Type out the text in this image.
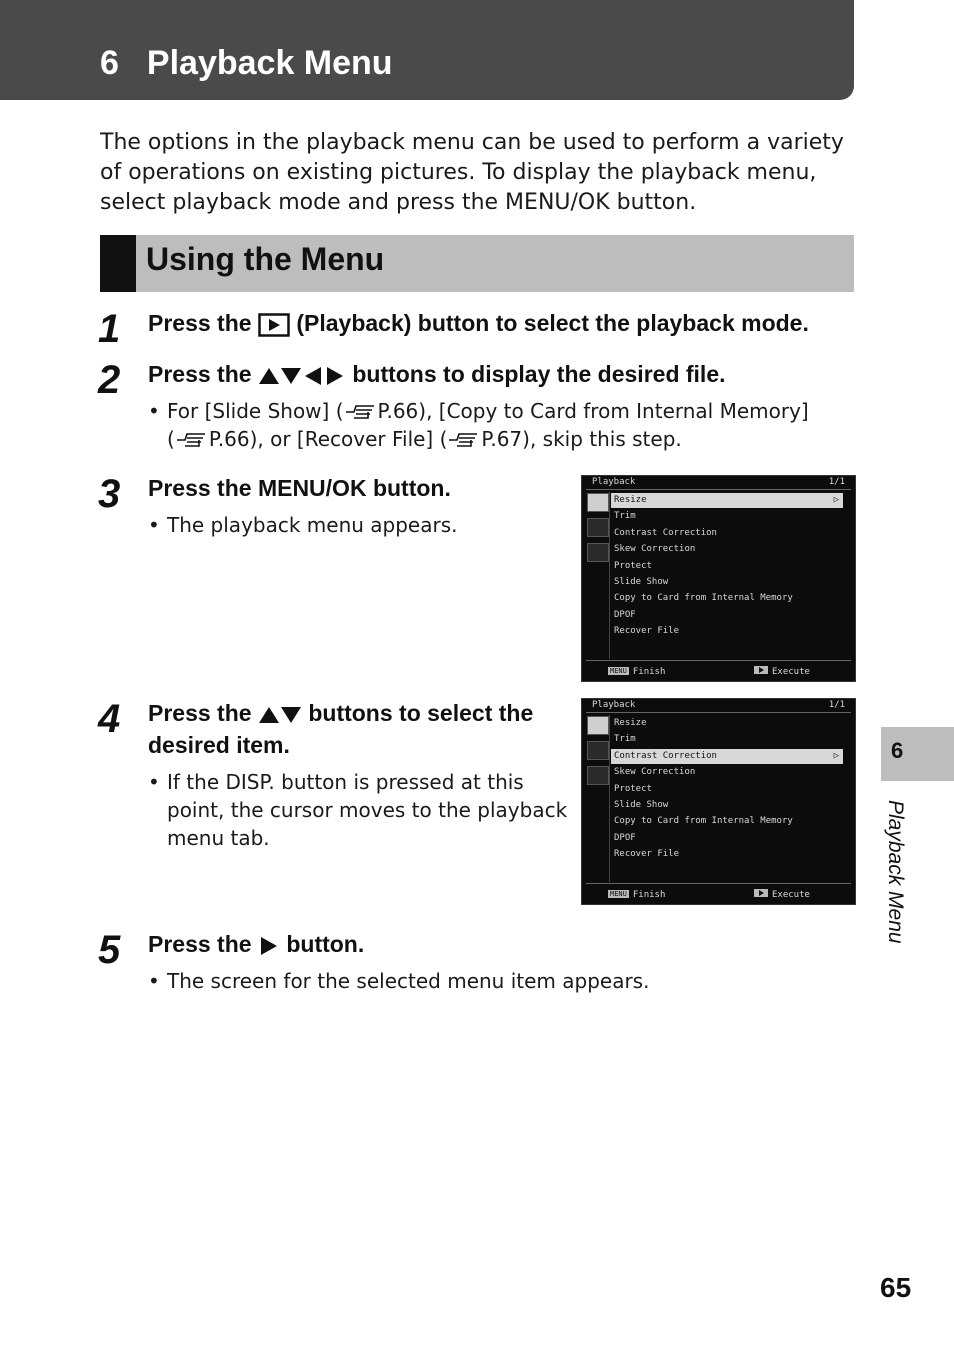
6 Playback Menu

The options in the playback menu can be used to perform a variety of operations on existing pictures. To display the playback menu, select playback mode and press the MENU/OK button.

Using the Menu
1 Press the  (Playback) button to select the playback mode.

2 Press the	buttons to display the desired file.

• For [Slide Show] ( P.66), [Copy to Card from Internal Memory]
( P.66), or [Recover File] ( P.67), skip this step.

3 Press the MENU/OK button.

• The playback menu appears.

Playback	1/1
Resize	▷
Trim
Contrast Correction
Skew Correction
Protect
Slide Show
Copy to Card from Internal Memory
DPOF
Recover File
MENU Finish	Execute
4 Press the  buttons to select the
desired item.

• If the DISP. button is pressed at this
point, the cursor moves to the playback
menu tab.

Playback	1/1
Resize
Trim
Contrast Correction	▷
Skew Correction
Protect
Slide Show
Copy to Card from Internal Memory
DPOF
Recover File
MENU Finish	Execute
5 Press the  button.

• The screen for the selected menu item appears.

6
Playback Menu
65
